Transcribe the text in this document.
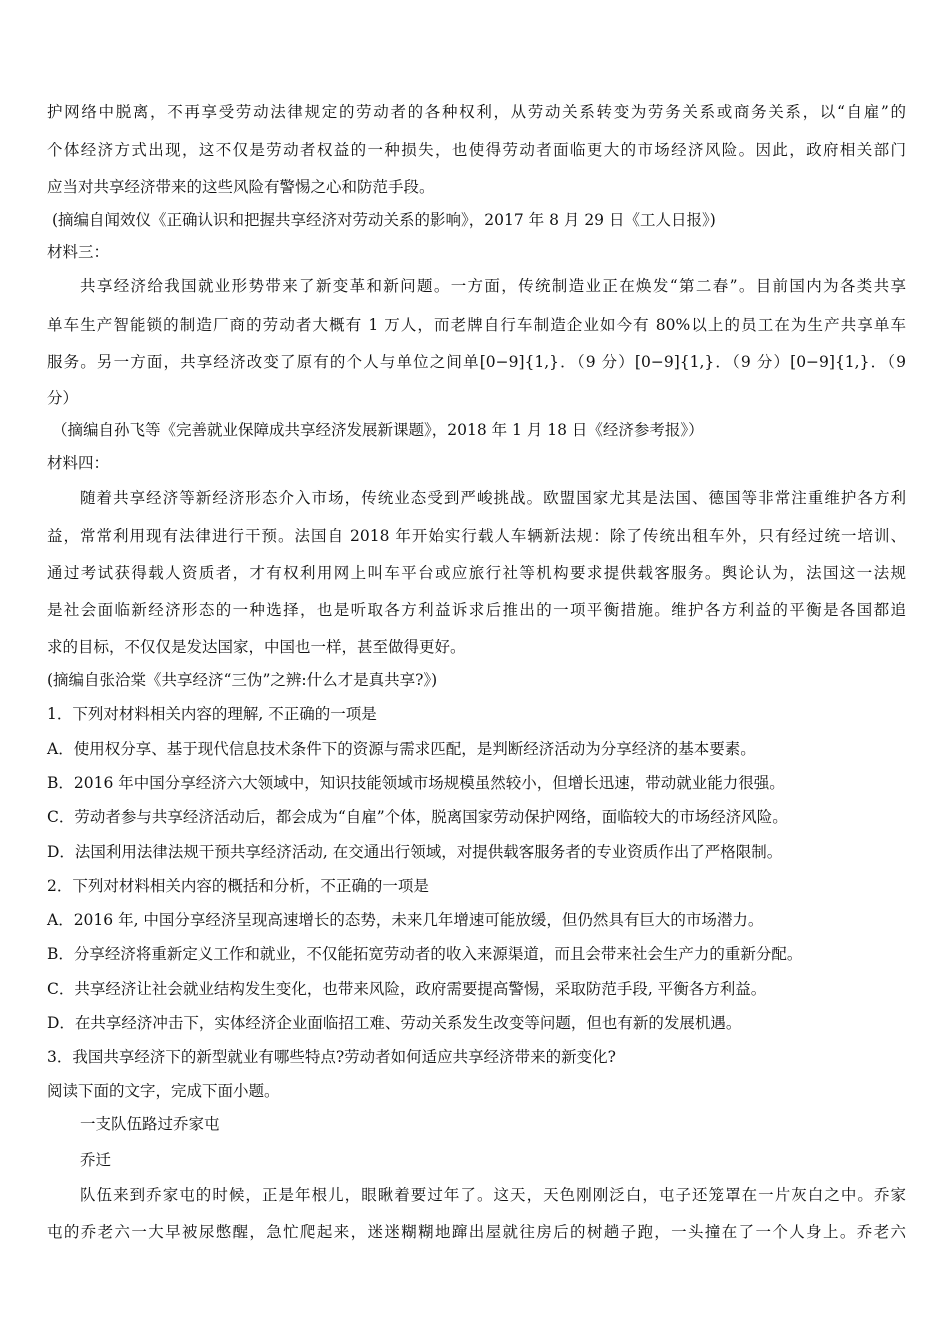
护网络中脱离，不再享受劳动法律规定的劳动者的各种权利，从劳动关系转变为劳务关系或商务关系，以“自雇”的
个体经济方式出现，这不仅是劳动者权益的一种损失，也使得劳动者面临更大的市场经济风险。因此，政府相关部门
应当对共享经济带来的这些风险有警惕之心和防范手段。
(摘编自闻效仪《正确认识和把握共享经济对劳动关系的影响》，2017 年 8 月 29 日《工人日报》)
材料三：
共享经济给我国就业形势带来了新变革和新问题。一方面，传统制造业正在焕发“第二春”。目前国内为各类共享
单车生产智能锁的制造厂商的劳动者大概有 1 万人，而老牌自行车制造企业如今有 80%以上的员工在为生产共享单车
服务。另一方面，共享经济改变了原有的个人与单位之间单[0−9]{1,}．（9 分）[0−9]{1,}．（9 分）[0−9]{1,}．（9
分）
（摘编自孙飞等《完善就业保障成共享经济发展新课题》，2018 年 1 月 18 日《经济参考报》）
材料四：
随着共享经济等新经济形态介入市场，传统业态受到严峻挑战。欧盟国家尤其是法国、德国等非常注重维护各方利
益，常常利用现有法律进行干预。法国自 2018 年开始实行载人车辆新法规：除了传统出租车外，只有经过统一培训、
通过考试获得载人资质者，才有权利用网上叫车平台或应旅行社等机构要求提供载客服务。舆论认为，法国这一法规
是社会面临新经济形态的一种选择，也是听取各方利益诉求后推出的一项平衡措施。维护各方利益的平衡是各国都追
求的目标，不仅仅是发达国家，中国也一样，甚至做得更好。
(摘编自张洽棠《共享经济“三伪”之辨:什么才是真共享?》)
1．下列对材料相关内容的理解, 不正确的一项是
A．使用权分享、基于现代信息技术条件下的资源与需求匹配，是判断经济活动为分享经济的基本要素。
B．2016 年中国分享经济六大领域中，知识技能领域市场规模虽然较小，但增长迅速，带动就业能力很强。
C．劳动者参与共享经济活动后，都会成为“自雇”个体，脱离国家劳动保护网络，面临较大的市场经济风险。
D．法国利用法律法规干预共享经济活动, 在交通出行领域，对提供载客服务者的专业资质作出了严格限制。
2．下列对材料相关内容的概括和分析，不正确的一项是
A．2016 年, 中国分享经济呈现高速增长的态势，未来几年增速可能放缓，但仍然具有巨大的市场潜力。
B．分享经济将重新定义工作和就业，不仅能拓宽劳动者的收入来源渠道，而且会带来社会生产力的重新分配。
C．共享经济让社会就业结构发生变化，也带来风险，政府需要提高警惕，采取防范手段, 平衡各方利益。
D．在共享经济冲击下，实体经济企业面临招工难、劳动关系发生改变等问题，但也有新的发展机遇。
3．我国共享经济下的新型就业有哪些特点?劳动者如何适应共享经济带来的新变化?
阅读下面的文字，完成下面小题。
一支队伍路过乔家屯
乔迁
队伍来到乔家屯的时候，正是年根儿，眼瞅着要过年了。这天，天色刚刚泛白，屯子还笼罩在一片灰白之中。乔家
屯的乔老六一大早被尿憋醒，急忙爬起来，迷迷糊糊地蹿出屋就往房后的树趟子跑，一头撞在了一个人身上。乔老六
